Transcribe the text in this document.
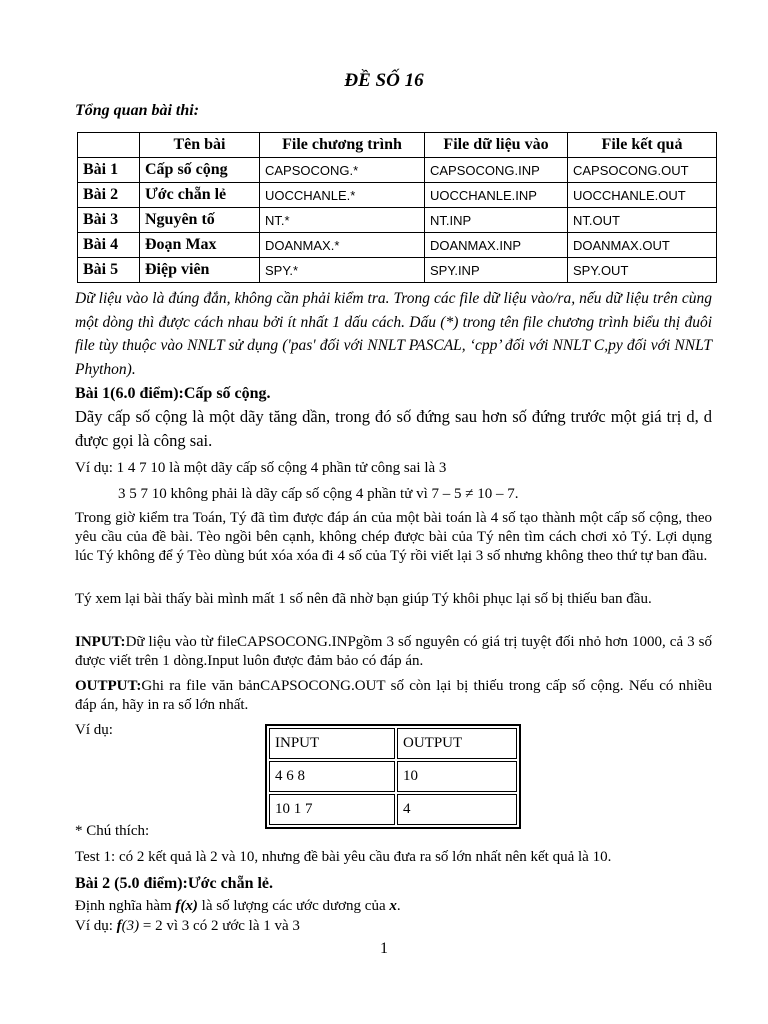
ĐỀ SỐ 16
Tổng quan bài thi:
	Tên bài	File chương trình	File dữ liệu vào	File kết quả
Bài 1	Cấp số cộng	CAPSOCONG.*	CAPSOCONG.INP	CAPSOCONG.OUT
Bài 2	Ước chẵn lẻ	UOCCHANLE.*	UOCCHANLE.INP	UOCCHANLE.OUT
Bài 3	Nguyên tố	NT.*	NT.INP	NT.OUT
Bài 4	Đoạn Max	DOANMAX.*	DOANMAX.INP	DOANMAX.OUT
Bài 5	Điệp viên	SPY.*	SPY.INP	SPY.OUT
Dữ liệu vào là đúng đắn, không cần phải kiểm tra. Trong các file dữ liệu vào/ra, nếu dữ liệu trên cùng một dòng thì được cách nhau bởi ít nhất 1 dấu cách. Dấu (*) trong tên file chương trình biểu thị đuôi file tùy thuộc vào NNLT sử dụng ('pas' đối với NNLT PASCAL, ‘cpp’ đối với NNLT C,py đối với NNLT Phython).
Bài 1(6.0 điểm):Cấp số cộng.
Dãy cấp số cộng là một dãy tăng dần, trong đó số đứng sau hơn số đứng trước một giá trị d, d được gọi là công sai.
Ví dụ: 1 4 7 10 là một dãy cấp số cộng 4 phần tử công sai là 3
3 5 7 10 không phải là dãy cấp số cộng 4 phần tử vì 7 – 5 ≠ 10 – 7.
Trong giờ kiểm tra Toán, Tý đã tìm được đáp án của một bài toán là 4 số tạo thành một cấp số cộng, theo yêu cầu của đề bài. Tèo ngồi bên cạnh, không chép được bài của Tý nên tìm cách chơi xỏ Tý. Lợi dụng lúc Tý không để ý Tèo dùng bút xóa xóa đi 4 số của Tý rồi viết lại 3 số nhưng không theo thứ tự ban đầu.
Tý xem lại bài thấy bài mình mất 1 số nên đã nhờ bạn giúp Tý khôi phục lại số bị thiếu ban đầu.
INPUT:Dữ liệu vào từ fileCAPSOCONG.INPgồm 3 số nguyên có giá trị tuyệt đối nhỏ hơn 1000, cả 3 số được viết trên 1 dòng.Input luôn được đảm bảo có đáp án.
OUTPUT:Ghi ra file văn bảnCAPSOCONG.OUT số còn lại bị thiếu trong cấp số cộng. Nếu có nhiều đáp án, hãy in ra số lớn nhất.
Ví dụ:
INPUT	OUTPUT
4 6 8	10
10 1 7	4
* Chú thích:
Test 1: có 2 kết quả là 2 và 10, nhưng đề bài yêu cầu đưa ra số lớn nhất nên kết quả là 10.
Bài 2 (5.0 điểm):Ước chẵn lẻ.
Định nghĩa hàm f(x) là số lượng các ước dương của x.
Ví dụ: f(3) = 2 vì 3 có 2 ước là 1 và 3
1
